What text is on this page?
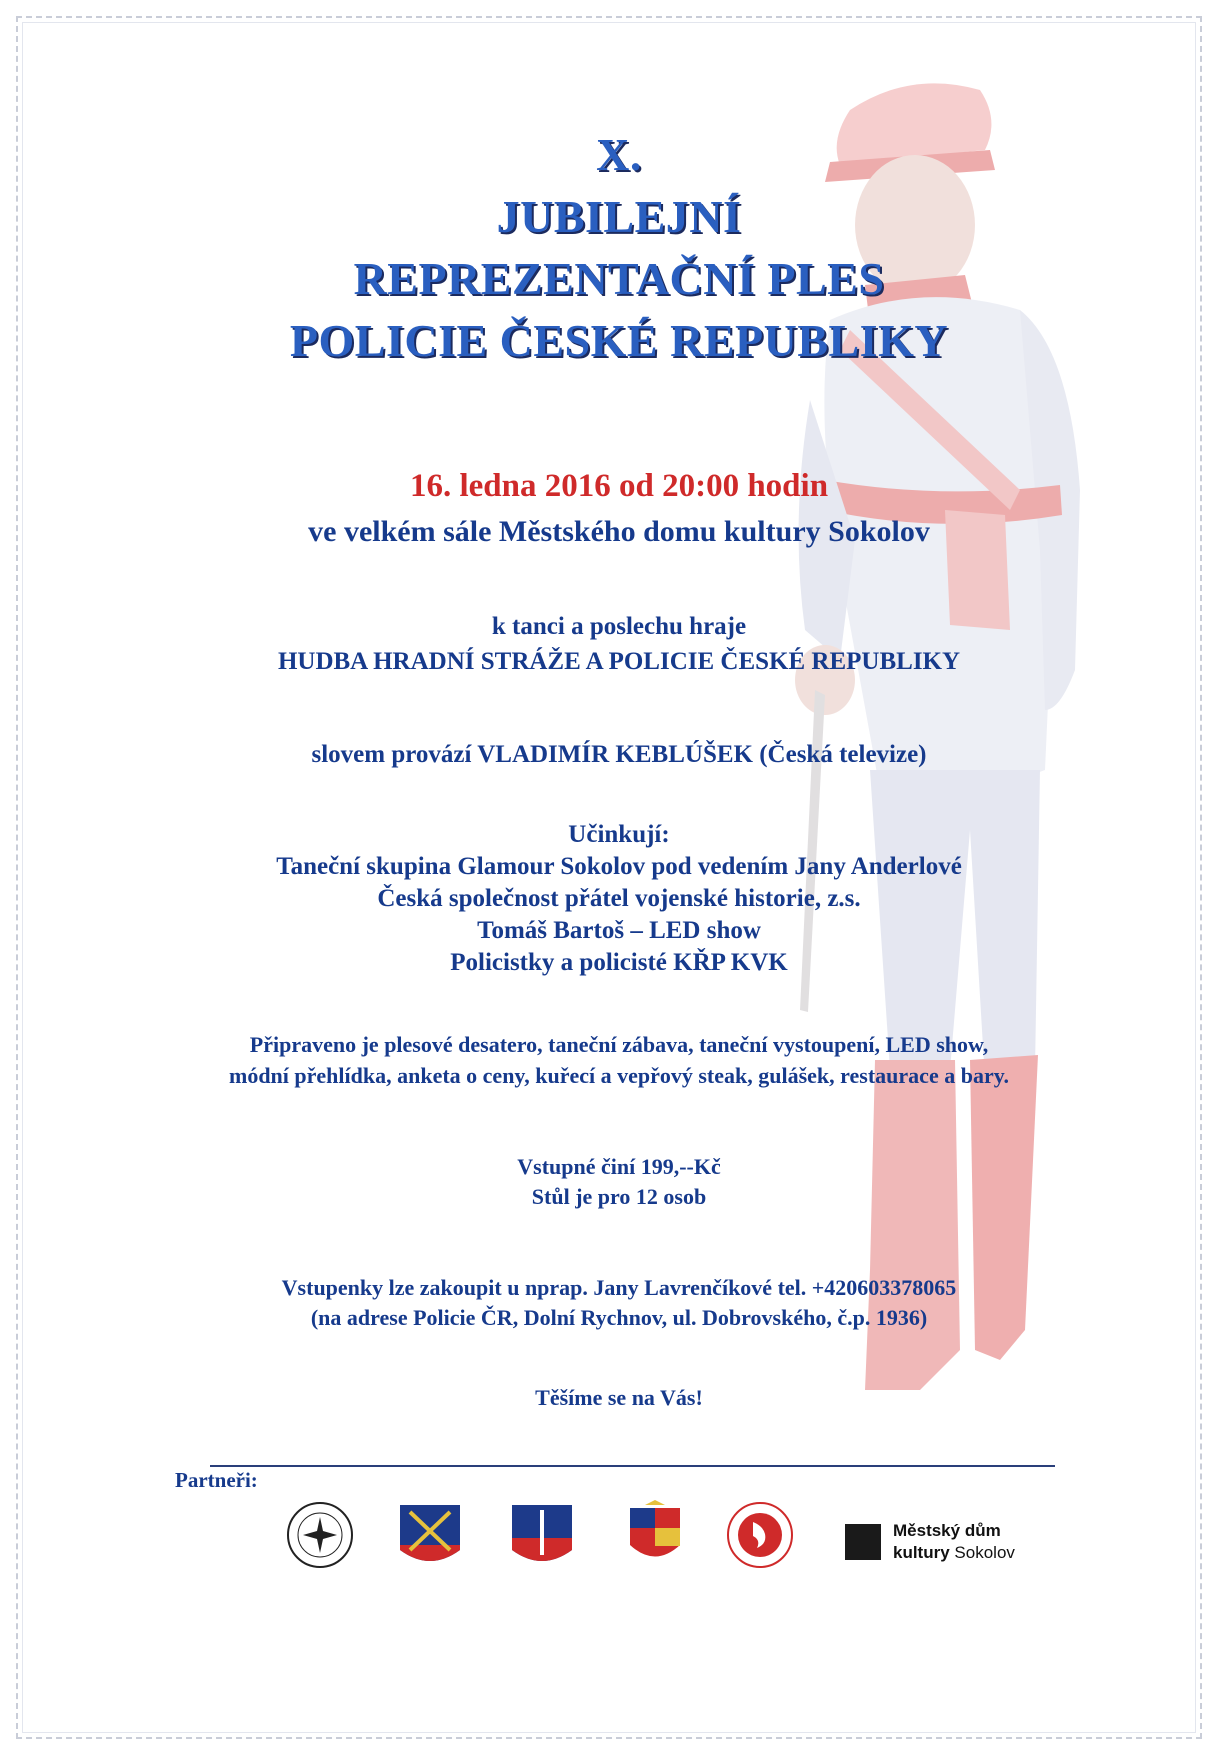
X.
JUBILEJNÍ
REPREZENTAČNÍ PLES
POLICIE ČESKÉ REPUBLIKY
16. ledna 2016 od 20:00 hodin
ve velkém sále Městského domu kultury Sokolov
k tanci a poslechu hraje
HUDBA HRADNÍ STRÁŽE A POLICIE ČESKÉ REPUBLIKY
slovem provází VLADIMÍR KEBLÚŠEK (Česká televize)
Učinkují:
Taneční skupina Glamour Sokolov pod vedením Jany Anderlové
Česká společnost přátel vojenské historie, z.s.
Tomáš Bartoš – LED show
Policistky a policisté KŘP KVK
Připraveno je plesové desatero, taneční zábava, taneční vystoupení, LED show,
módní přehlídka, anketa o ceny, kuřecí a vepřový steak, gulášek, restaurace a bary.
Vstupné činí 199,--Kč
Stůl je pro 12 osob
Vstupenky lze zakoupit u nprap. Jany Lavrenčíkové tel. +420603378065
(na adrese Policie ČR, Dolní Rychnov, ul. Dobrovského, č.p. 1936)
Těšíme se na Vás!
Partneři:
Městský dům
kultury Sokolov
